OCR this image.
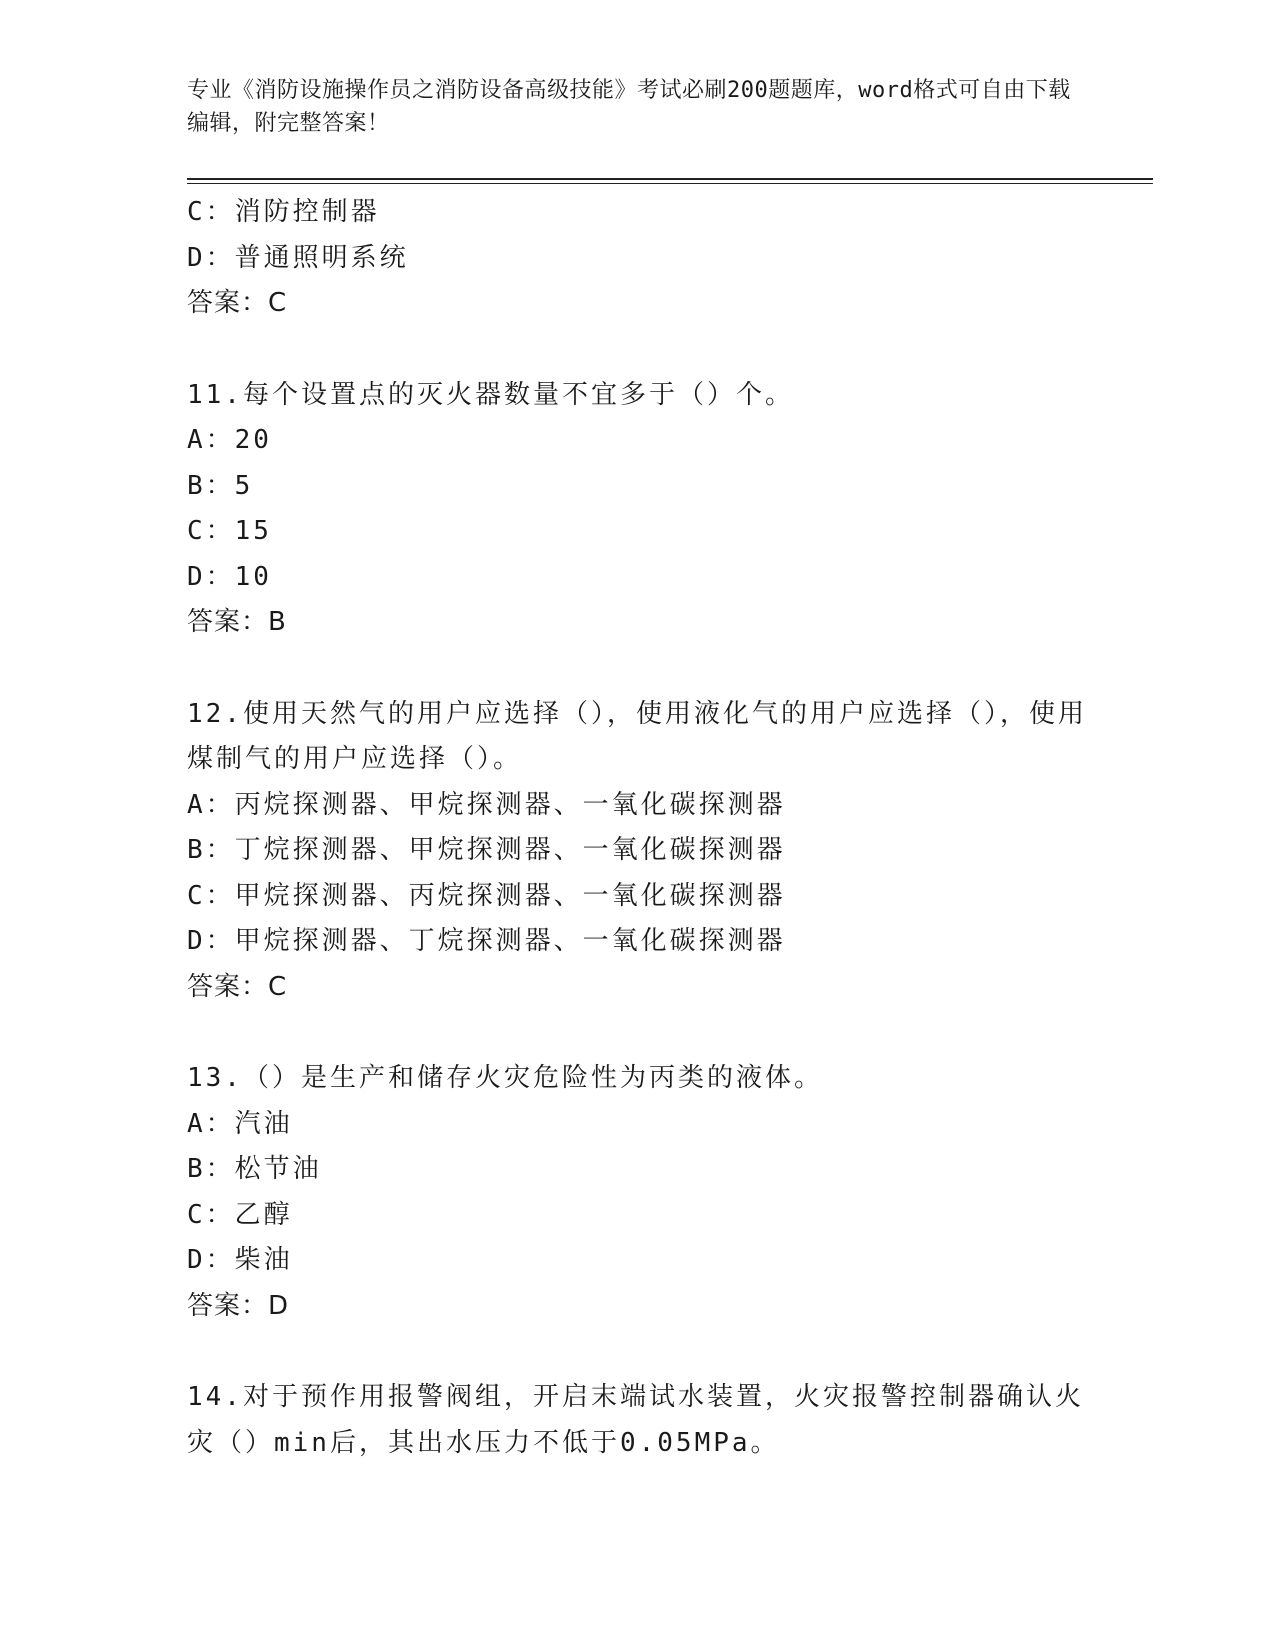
专业《消防设施操作员之消防设备高级技能》考试必刷200题题库，word格式可自由下载编辑，附完整答案！
C：消防控制器
D：普通照明系统
答案：C
11.每个设置点的灭火器数量不宜多于（）个。
A：20
B：5
C：15
D：10
答案：B
12.使用天然气的用户应选择（），使用液化气的用户应选择（），使用煤制气的用户应选择（）。
A：丙烷探测器、甲烷探测器、一氧化碳探测器
B：丁烷探测器、甲烷探测器、一氧化碳探测器
C：甲烷探测器、丙烷探测器、一氧化碳探测器
D：甲烷探测器、丁烷探测器、一氧化碳探测器
答案：C
13.（）是生产和储存火灾危险性为丙类的液体。
A：汽油
B：松节油
C：乙醇
D：柴油
答案：D
14.对于预作用报警阀组，开启末端试水装置，火灾报警控制器确认火灾（）min后，其出水压力不低于0.05MPa。
